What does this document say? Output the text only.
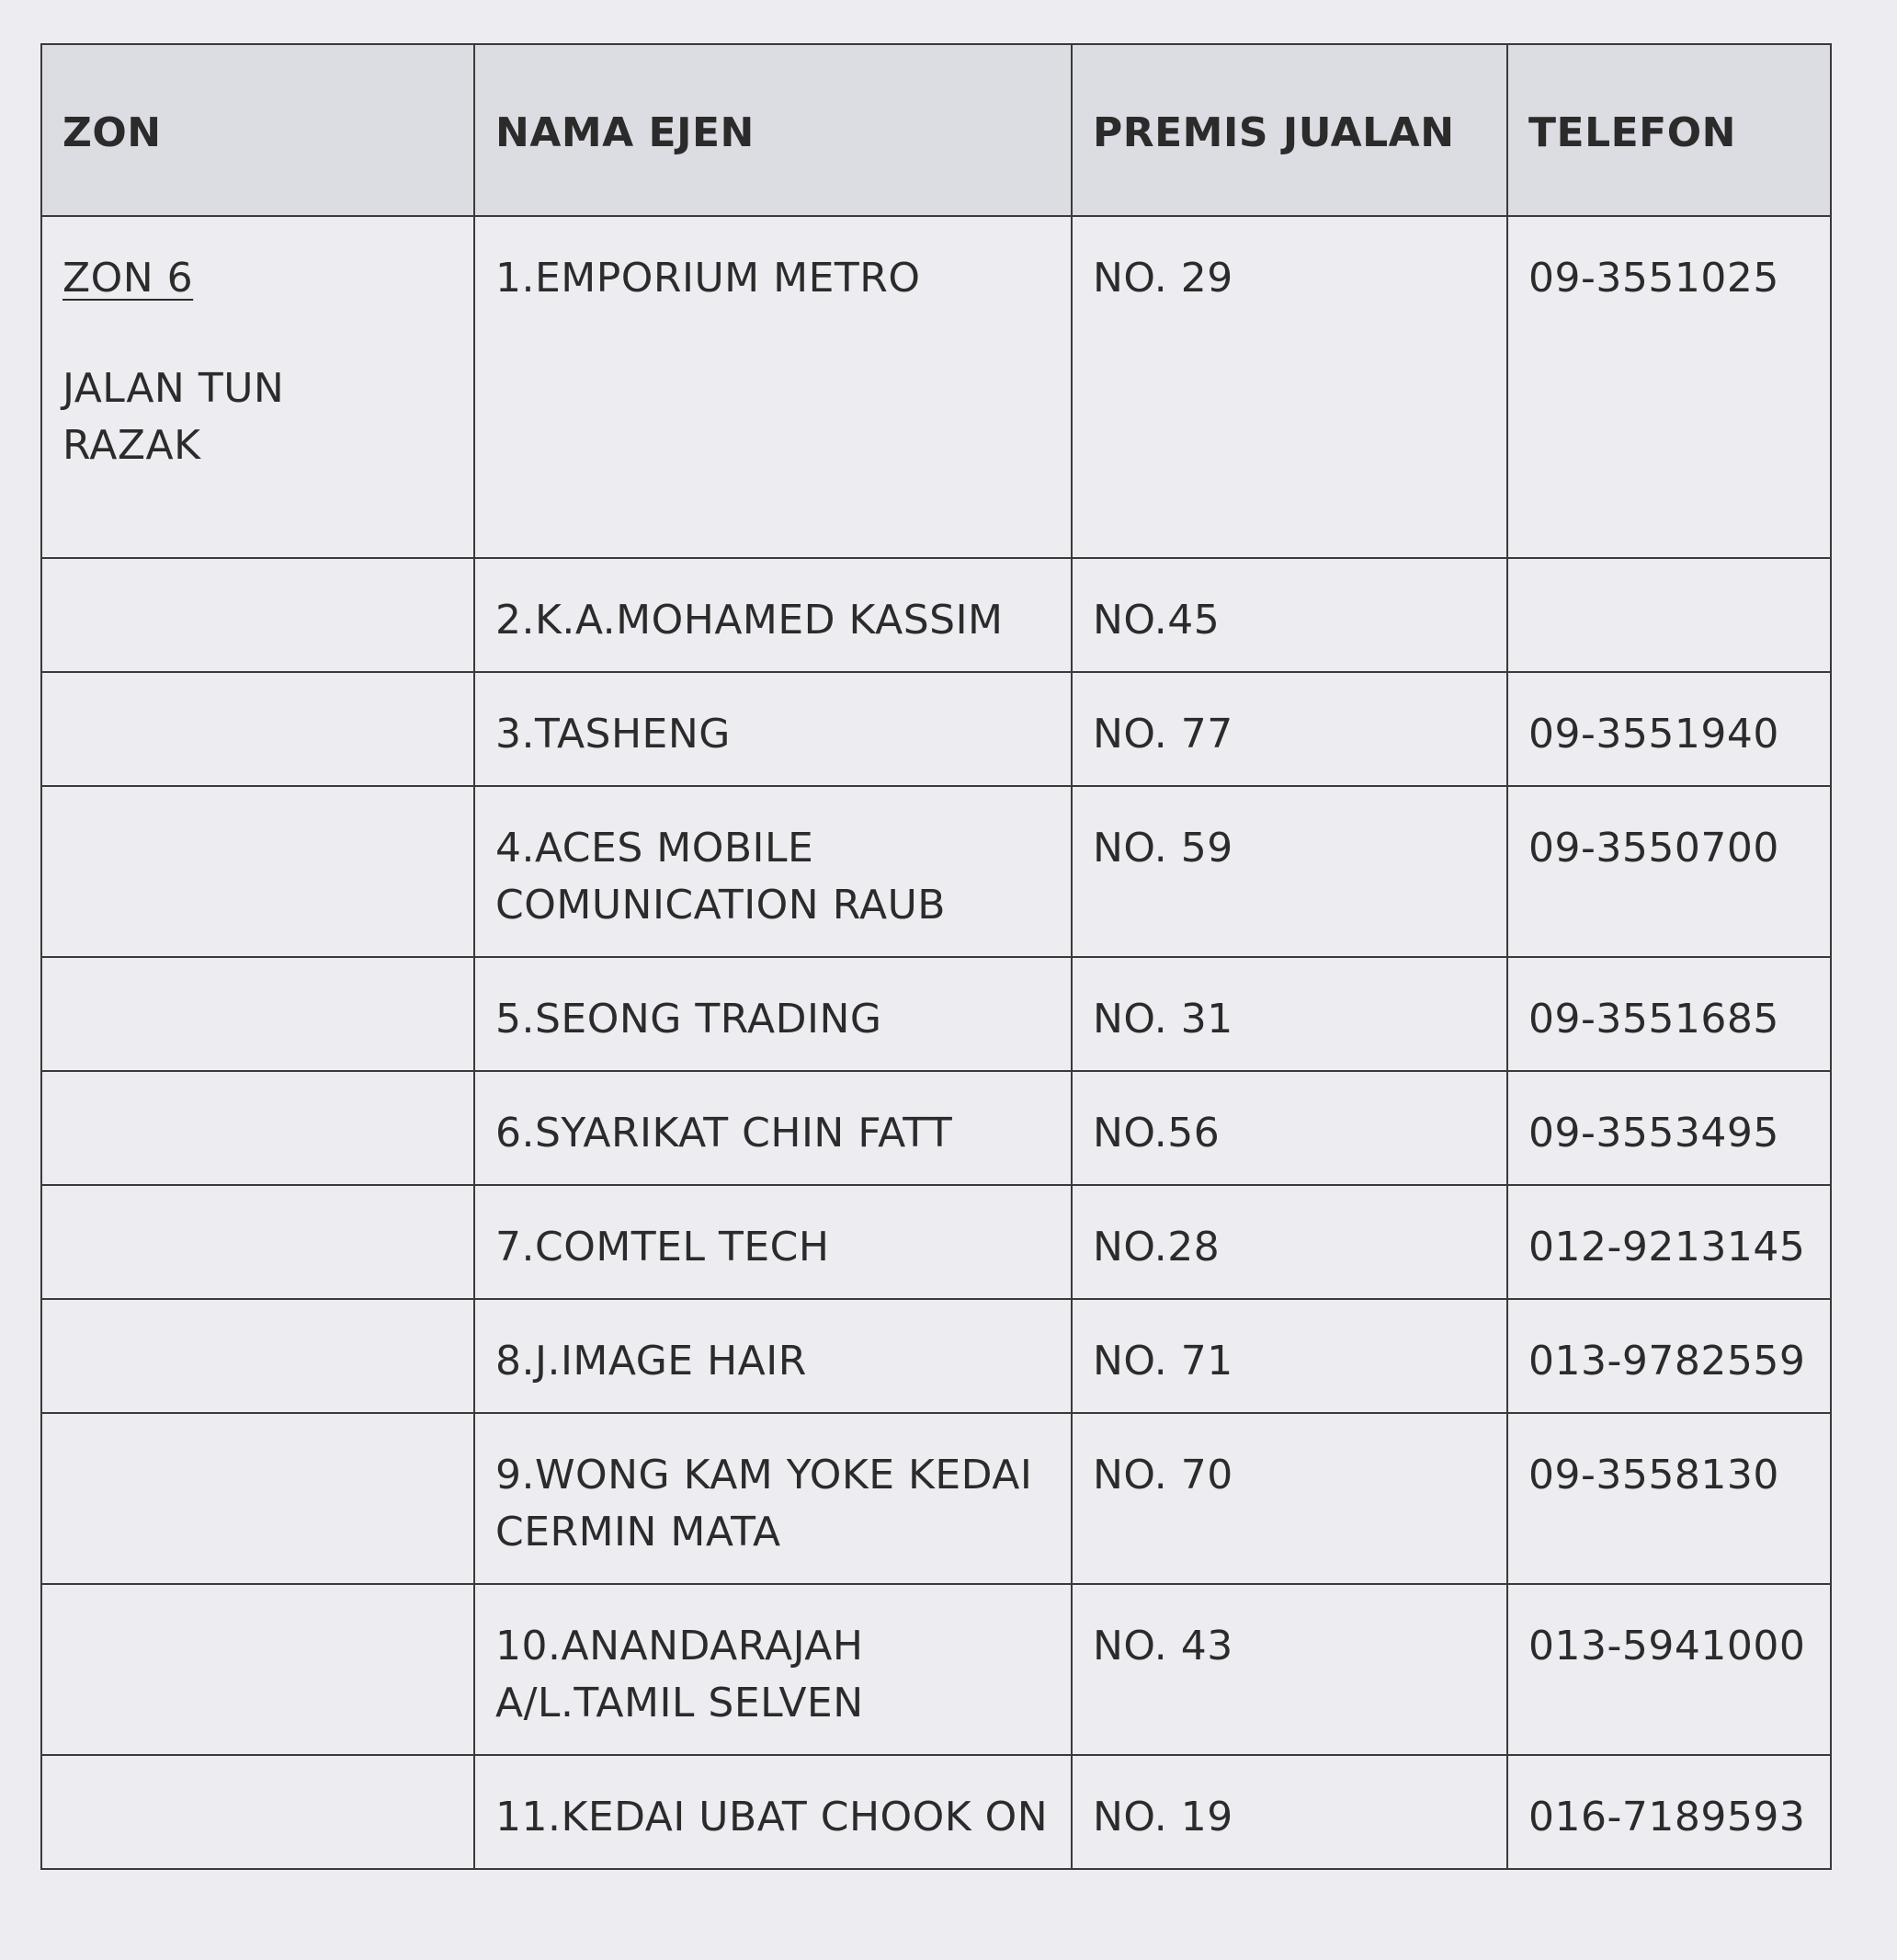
ZON	NAMA EJEN	PREMIS JUALAN	TELEFON

ZON 6
JALAN TUN RAZAK	1.EMPORIUM METRO	NO. 29	09-3551025

	2.K.A.MOHAMED KASSIM	NO.45	

	3.TASHENG	NO. 77	09-3551940

	4.ACES MOBILE COMUNICATION RAUB	NO. 59	09-3550700

	5.SEONG TRADING	NO. 31	09-3551685

	6.SYARIKAT CHIN FATT	NO.56	09-3553495

	7.COMTEL TECH	NO.28	012-9213145

	8.J.IMAGE HAIR	NO. 71	013-9782559

	9.WONG KAM YOKE KEDAI CERMIN MATA	NO. 70	09-3558130

	10.ANANDARAJAH A/L.TAMIL SELVEN	NO. 43	013-5941000

	11.KEDAI UBAT CHOOK ON	NO. 19	016-7189593
